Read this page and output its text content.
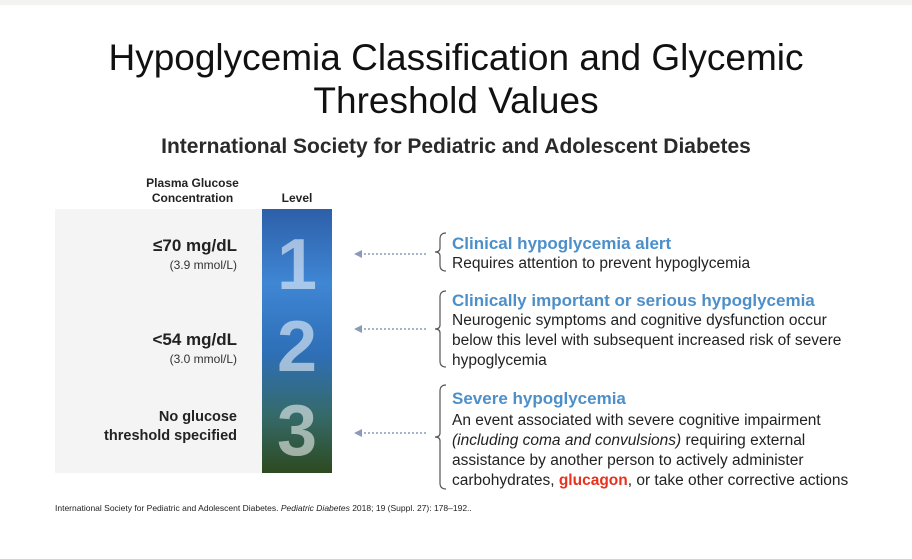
Hypoglycemia Classification and Glycemic
Threshold Values
International Society for Pediatric and Adolescent Diabetes
Plasma Glucose
Concentration	Level
1
2
3
≤70 mg/dL
(3.9 mmol/L)
<54 mg/dL
(3.0 mmol/L)
No glucose
threshold specified
Clinical hypoglycemia alert
Requires attention to prevent hypoglycemia
Clinically important or serious hypoglycemia
Neurogenic symptoms and cognitive dysfunction occur
below this level with subsequent increased risk of severe
hypoglycemia
Severe hypoglycemia
An event associated with severe cognitive impairment
(including coma and convulsions) requiring external
assistance by another person to actively administer
carbohydrates, glucagon, or take other corrective actions
International Society for Pediatric and Adolescent Diabetes. Pediatric Diabetes 2018; 19 (Suppl. 27): 178–192..
